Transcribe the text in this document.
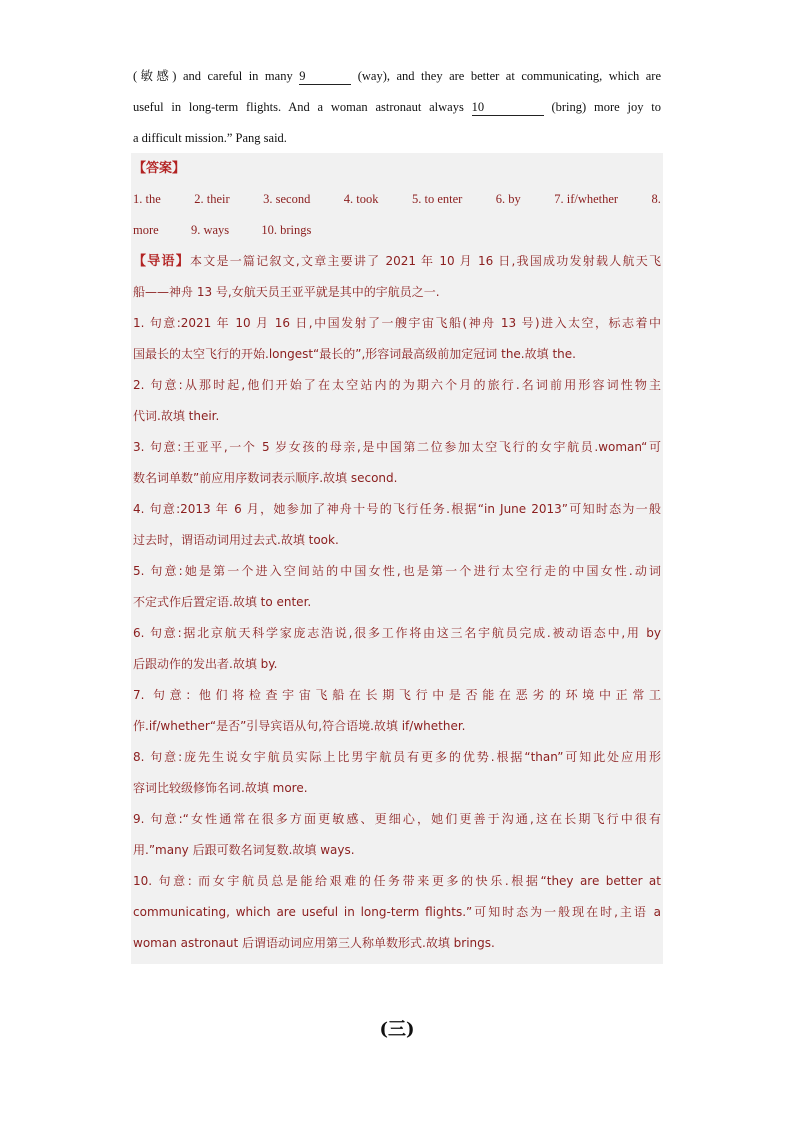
(敏感) and careful in many 9	(way), and they are better at communicating, which are

useful in long-term flights. And a woman astronaut always 10	(bring) more joy to

a difficult mission.” Pang said.

【答案】
1. the	2. their	3. second	4. took	5. to enter	6. by	7. if/whether	8.
more	9. ways	10. brings
【导语】本文是一篇记叙文,文章主要讲了 2021 年 10 月 16 日,我国成功发射载人航天飞
船——神舟 13 号,女航天员王亚平就是其中的宇航员之一.
1. 句意:2021 年 10 月 16 日,中国发射了一艘宇宙飞船(神舟 13 号)进入太空，标志着中
国最长的太空飞行的开始.longest“最长的”,形容词最高级前加定冠词 the.故填 the.
2. 句意:从那时起,他们开始了在太空站内的为期六个月的旅行.名词前用形容词性物主
代词.故填 their.
3. 句意:王亚平,一个 5 岁女孩的母亲,是中国第二位参加太空飞行的女宇航员.woman“可
数名词单数”前应用序数词表示顺序.故填 second.
4. 句意:2013 年 6 月，她参加了神舟十号的飞行任务.根据“in June 2013”可知时态为一般
过去时，谓语动词用过去式.故填 took.
5. 句意:她是第一个进入空间站的中国女性,也是第一个进行太空行走的中国女性.动词
不定式作后置定语.故填 to enter.
6. 句意:据北京航天科学家庞志浩说,很多工作将由这三名宇航员完成.被动语态中,用 by
后跟动作的发出者.故填 by.
7. 句意: 他们将检查宇宙飞船在长期飞行中是否能在恶劣的环境中正常工
作.if/whether“是否”引导宾语从句,符合语境.故填 if/whether.
8. 句意:庞先生说女宇航员实际上比男宇航员有更多的优势.根据“than”可知此处应用形
容词比较级修饰名词.故填 more.
9. 句意:“女性通常在很多方面更敏感、更细心，她们更善于沟通,这在长期飞行中很有
用.”many 后跟可数名词复数.故填 ways.
10. 句意: 而女宇航员总是能给艰难的任务带来更多的快乐.根据“they are better at
communicating, which are useful in long-term flights.”可知时态为一般现在时,主语 a
woman astronaut 后谓语动词应用第三人称单数形式.故填 brings.
(三)
